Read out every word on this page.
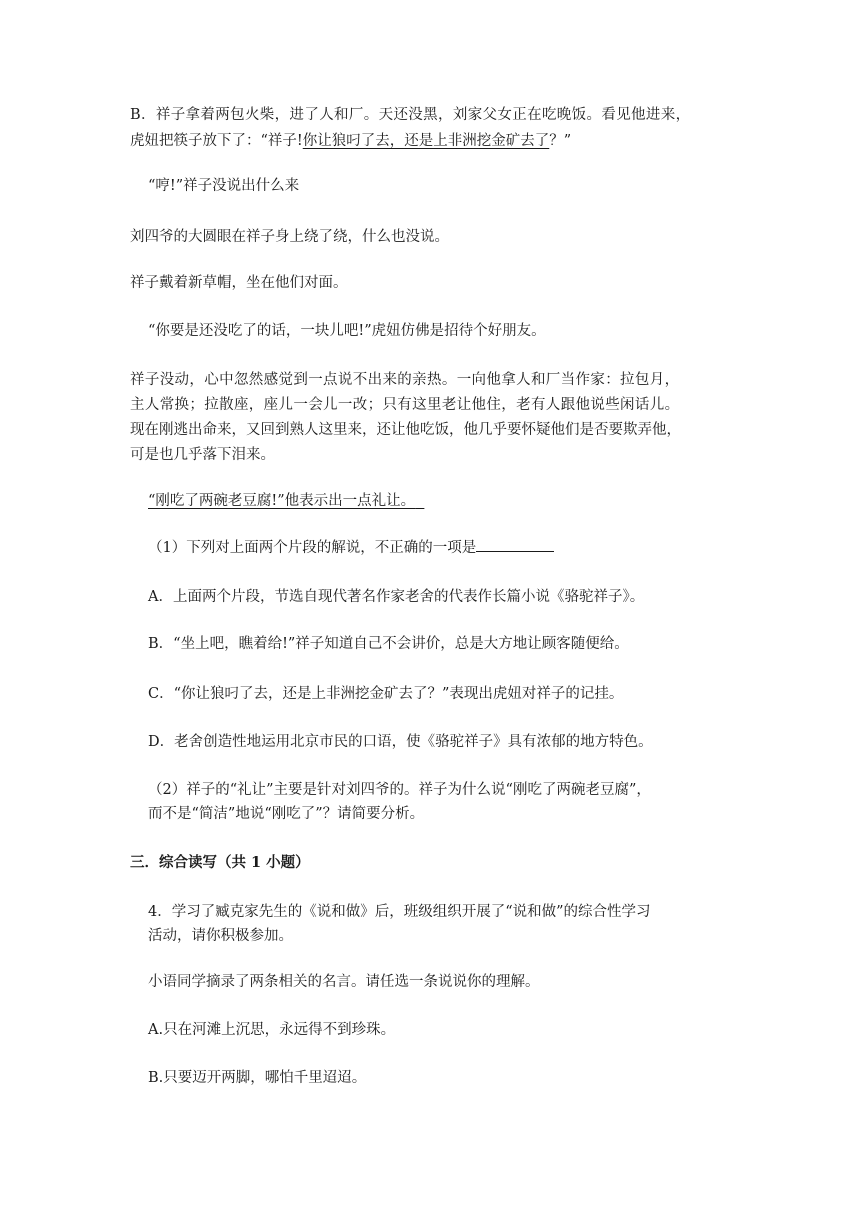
B．祥子拿着两包火柴，进了人和厂。天还没黑，刘家父女正在吃晚饭。看见他进来，
虎妞把筷子放下了：“祥子!你让狼叼了去，还是上非洲挖金矿去了？”
“哼!”祥子没说出什么来
刘四爷的大圆眼在祥子身上绕了绕，什么也没说。
祥子戴着新草帽，坐在他们对面。
“你要是还没吃了的话，一块儿吧!”虎妞仿佛是招待个好朋友。
祥子没动，心中忽然感觉到一点说不出来的亲热。一向他拿人和厂当作家：拉包月，
主人常换；拉散座，座儿一会儿一改；只有这里老让他住，老有人跟他说些闲话儿。
现在刚逃出命来，又回到熟人这里来，还让他吃饭，他几乎要怀疑他们是否要欺弄他，
可是也几乎落下泪来。
“刚吃了两碗老豆腐!”他表示出一点礼让。
（1）下列对上面两个片段的解说，不正确的一项是
A．上面两个片段，节选自现代著名作家老舍的代表作长篇小说《骆驼祥子》。
B．“坐上吧，瞧着给!”祥子知道自己不会讲价，总是大方地让顾客随便给。
C．“你让狼叼了去，还是上非洲挖金矿去了？”表现出虎妞对祥子的记挂。
D．老舍创造性地运用北京市民的口语，使《骆驼祥子》具有浓郁的地方特色。
（2）祥子的“礼让”主要是针对刘四爷的。祥子为什么说“刚吃了两碗老豆腐”，
而不是“简洁”地说“刚吃了”？请简要分析。
三．综合读写（共 1 小题）
4．学习了臧克家先生的《说和做》后，班级组织开展了“说和做”的综合性学习
活动，请你积极参加。
小语同学摘录了两条相关的名言。请任选一条说说你的理解。
A.只在河滩上沉思，永远得不到珍珠。
B.只要迈开两脚，哪怕千里迢迢。
